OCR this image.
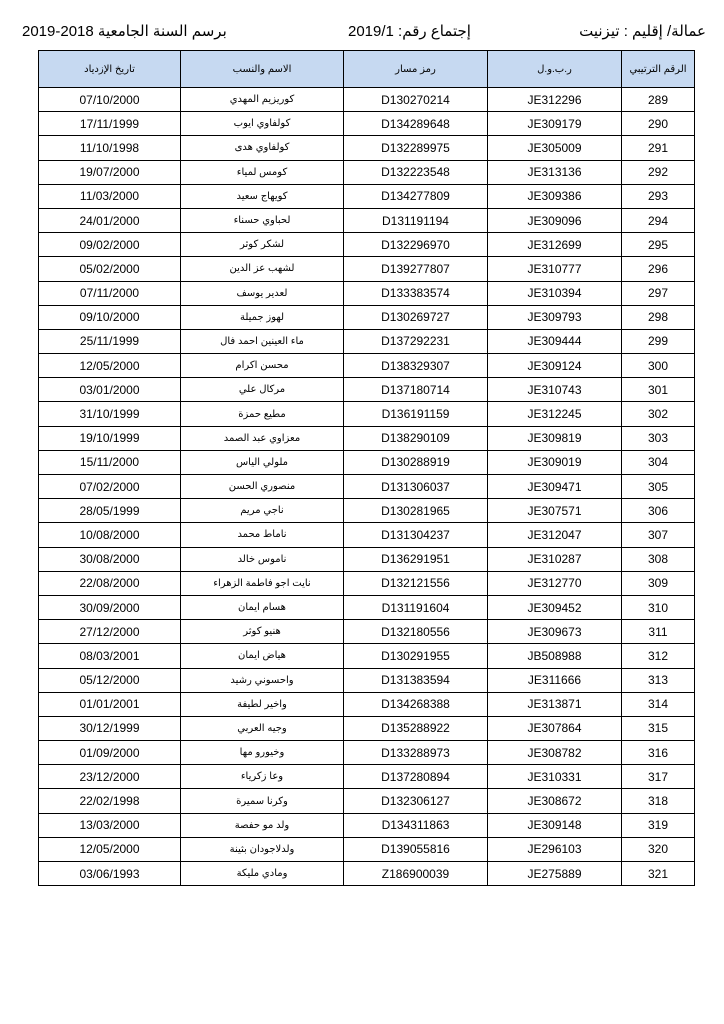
2019-2018 برسم السنة الجامعية	إجتماع رقم: 2019/1	عمالة/ إقليم : تيزنيت
الرقم الترتيبي	ر.ب.و.ل	رمز مسار	الاسم والنسب	تاريخ الإزدياد
289	JE312296	D130270214	كوريزيم المهدي	07/10/2000
290	JE309179	D134289648	كولفاوي ايوب	17/11/1999
291	JE305009	D132289975	كولفاوي هدى	11/10/1998
292	JE313136	D132223548	كومس لمياء	19/07/2000
293	JE309386	D134277809	كويهاج سعيد	11/03/2000
294	JE309096	D131191194	لحباوي حسناء	24/01/2000
295	JE312699	D132296970	لشكر كوثر	09/02/2000
296	JE310777	D139277807	لشهب عز الدين	05/02/2000
297	JE310394	D133383574	لعدير يوسف	07/11/2000
298	JE309793	D130269727	لهوز جميلة	09/10/2000
299	JE309444	D137292231	ماء العينين احمد فال	25/11/1999
300	JE309124	D138329307	محسن اكرام	12/05/2000
301	JE310743	D137180714	مركال علي	03/01/2000
302	JE312245	D136191159	مطيع حمزة	31/10/1999
303	JE309819	D138290109	معزاوي عبد الصمد	19/10/1999
304	JE309019	D130288919	ملولي الياس	15/11/2000
305	JE309471	D131306037	منصوري الحسن	07/02/2000
306	JE307571	D130281965	ناجي مريم	28/05/1999
307	JE312047	D131304237	ناماط محمد	10/08/2000
308	JE310287	D136291951	ناموس خالد	30/08/2000
309	JE312770	D132121556	نايت اجو فاطمة الزهراء	22/08/2000
310	JE309452	D131191604	هسام ايمان	30/09/2000
311	JE309673	D132180556	هنيو كوثر	27/12/2000
312	JB508988	D130291955	هياض ايمان	08/03/2001
313	JE311666	D131383594	واحسوني رشيد	05/12/2000
314	JE313871	D134268388	واخير لطيفة	01/01/2001
315	JE307864	D135288922	وجيه العربي	30/12/1999
316	JE308782	D133288973	وخيورو مها	01/09/2000
317	JE310331	D137280894	وعا زكرياء	23/12/2000
318	JE308672	D132306127	وكرنا سميرة	22/02/1998
319	JE309148	D134311863	ولد مو حفصة	13/03/2000
320	JE296103	D139055816	ولدلاجودان بثينة	12/05/2000
321	JE275889	Z186900039	ومادي مليكة	03/06/1993
